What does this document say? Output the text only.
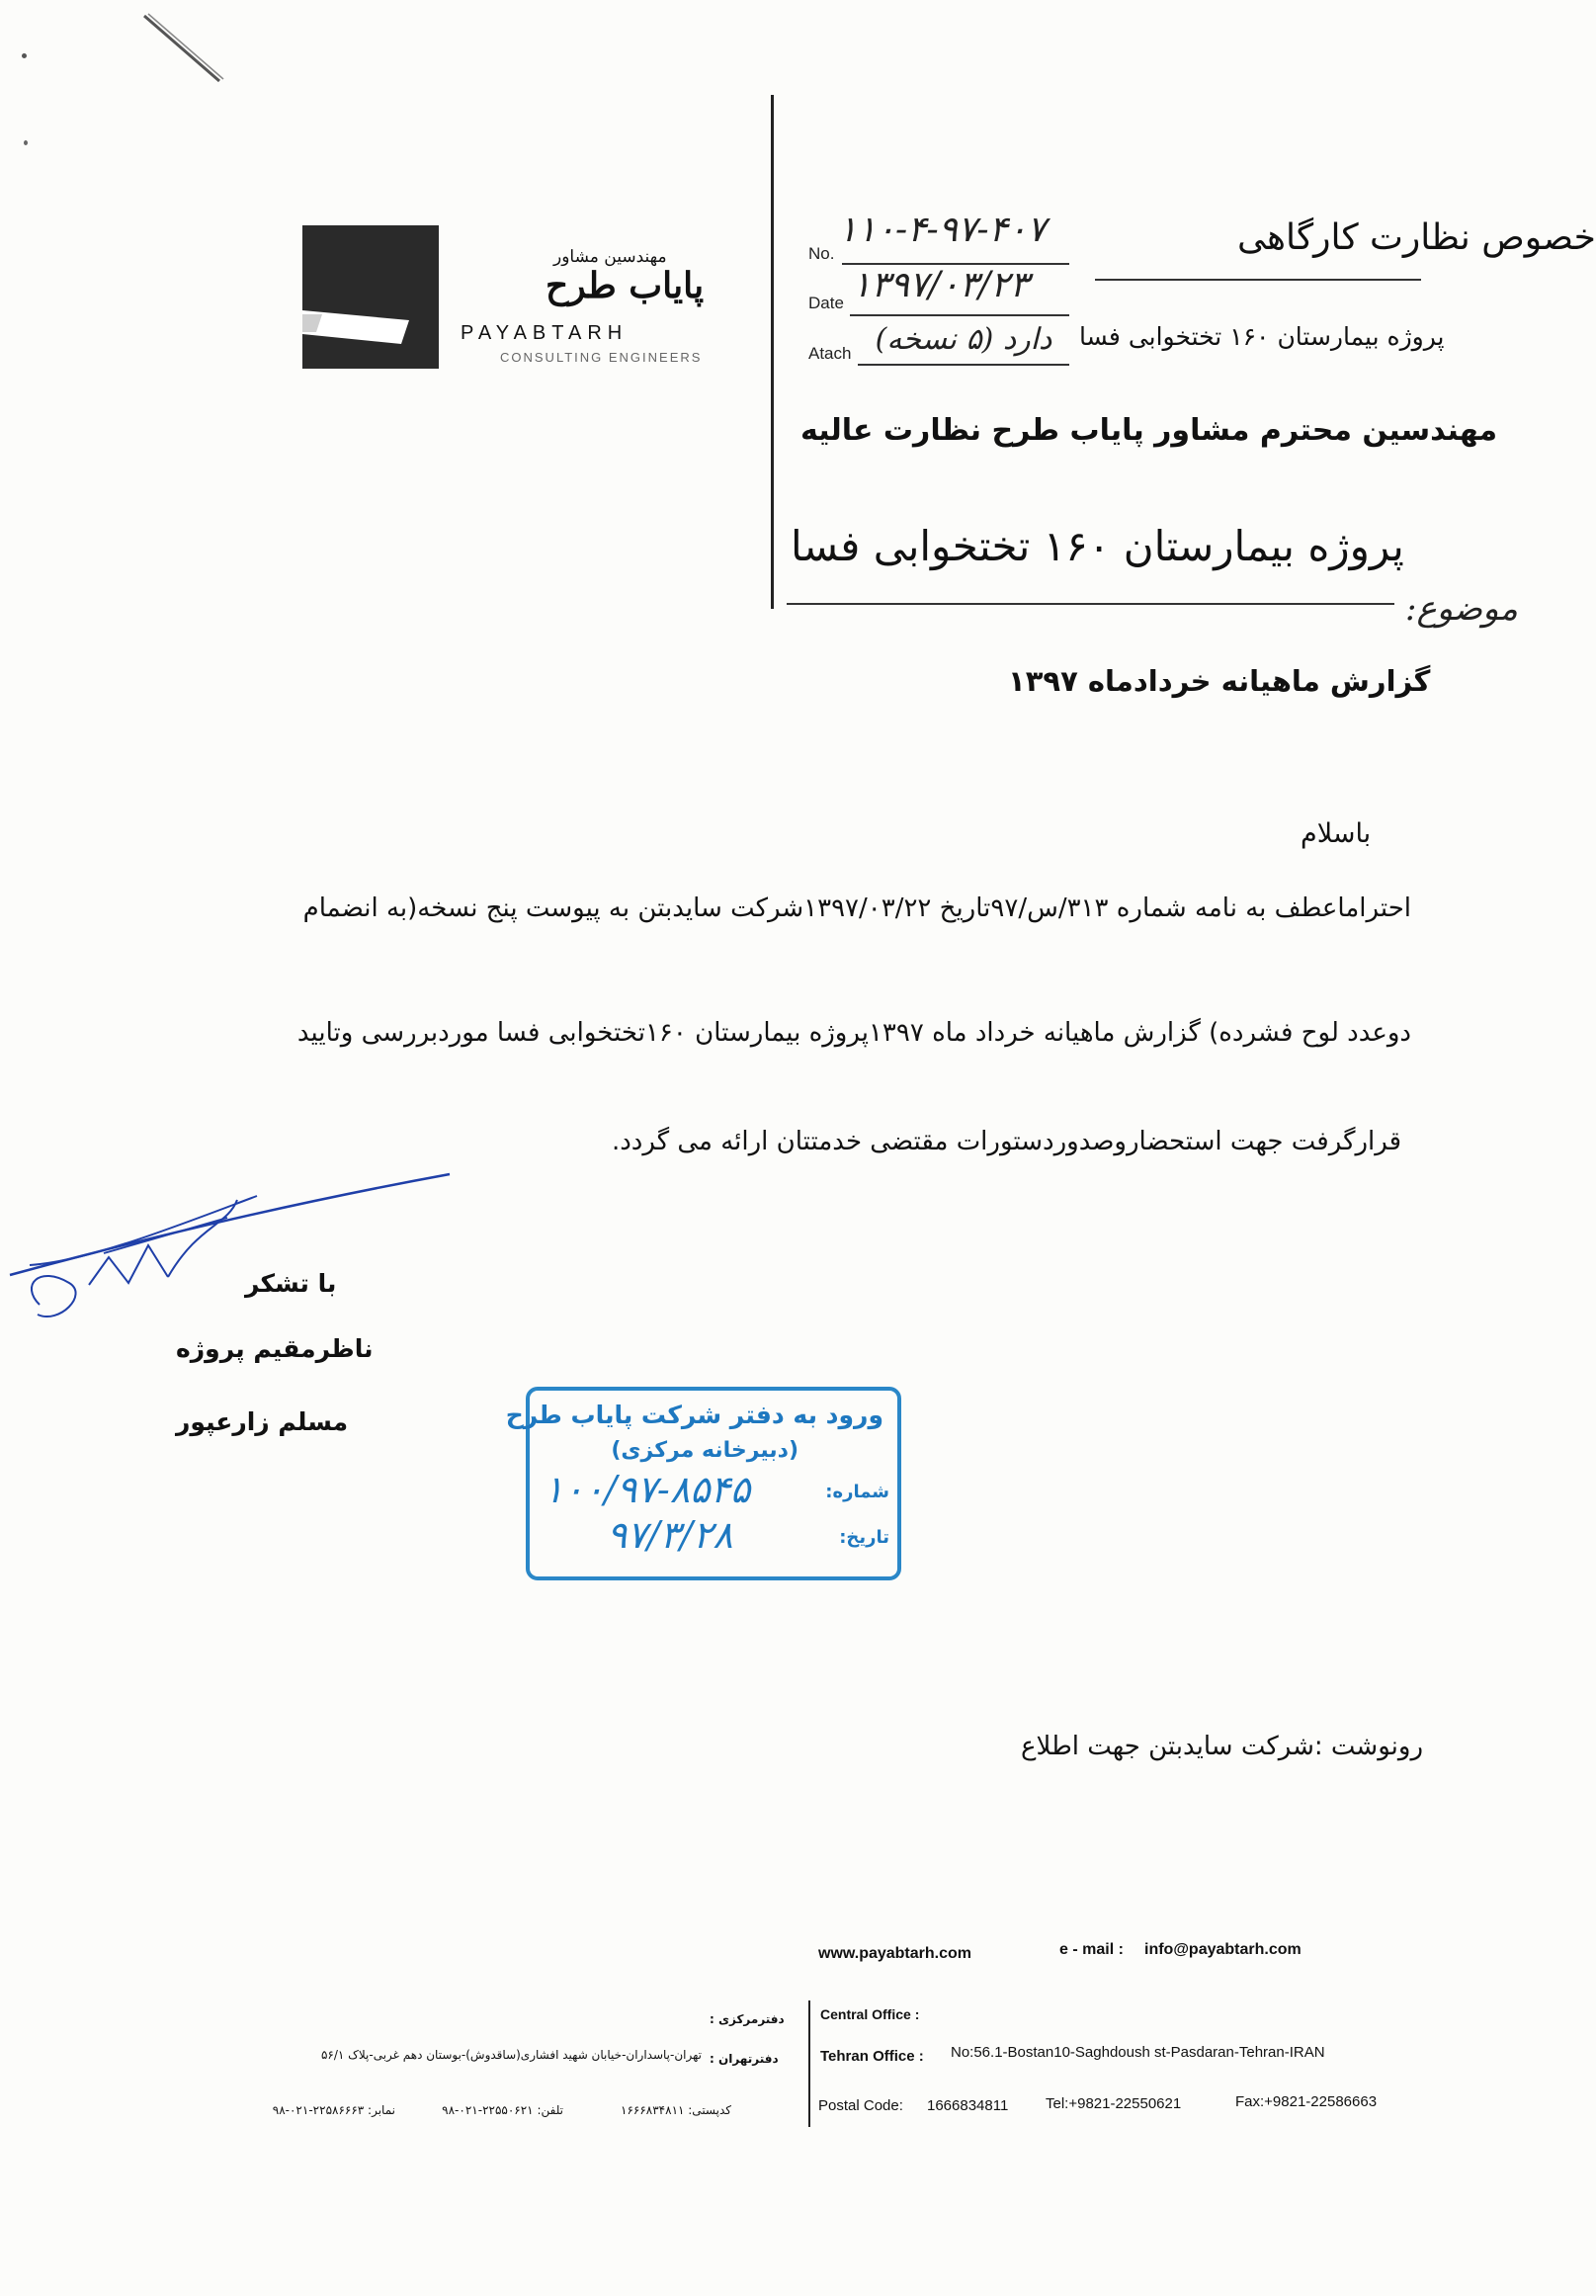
مهندسین مشاور
پایاب طرح
PAYABTARH
CONSULTING ENGINEERS
No.
۱۱۰-۴-۹۷-۴۰۷
Date ۱۳۹۷/۰۳/۲۳
Atach دارد (۵ نسخه)
خصوص نظارت کارگاهی
پروژه بیمارستان ۱۶۰ تختخوابی فسا
مهندسین محترم مشاور پایاب طرح نظارت عالیه
پروژه بیمارستان ۱۶۰ تختخوابی فسا
موضوع:
گزارش ماهیانه خردادماه ۱۳۹۷
باسلام
احتراماعطف به نامه شماره ۳۱۳/س/۹۷تاریخ ۱۳۹۷/۰۳/۲۲شرکت سایدبتن به پیوست پنج نسخه(به انضمام
دوعدد لوح فشرده) گزارش ماهیانه خرداد ماه ۱۳۹۷پروژه بیمارستان ۱۶۰تختخوابی فسا موردبررسی وتایید
قرارگرفت جهت استحضاروصدوردستورات مقتضی خدمتتان ارائه می گردد.
با تشکر
ناظرمقیم پروژه
مسلم زارعپور	ورود به دفتر شرکت پایاب طرح
(دبیرخانه مرکزی)
شماره:
۱۰۰/۹۷-۸۵۴۵
تاریخ:
۹۷/۳/۲۸
رونوشت :شرکت سایدبتن جهت اطلاع
www.payabtarh.com	e - mail : info@payabtarh.com
Central Office :
Tehran Office : No:56.1-Bostan10-Saghdoush st-Pasdaran-Tehran-IRAN
Postal Code: 1666834811	Tel:+9821-22550621	Fax:+9821-22586663
دفترمرکزی :
دفترتهران :
تهران-پاسداران-خیابان شهید افشاری(ساقدوش)-بوستان دهم غربی-پلاک ۵۶/۱
کدپستی: ۱۶۶۶۸۳۴۸۱۱
تلفن: ۲۲۵۵۰۶۲۱-۰۲۱-۹۸
نمابر: ۲۲۵۸۶۶۶۳-۰۲۱-۹۸
